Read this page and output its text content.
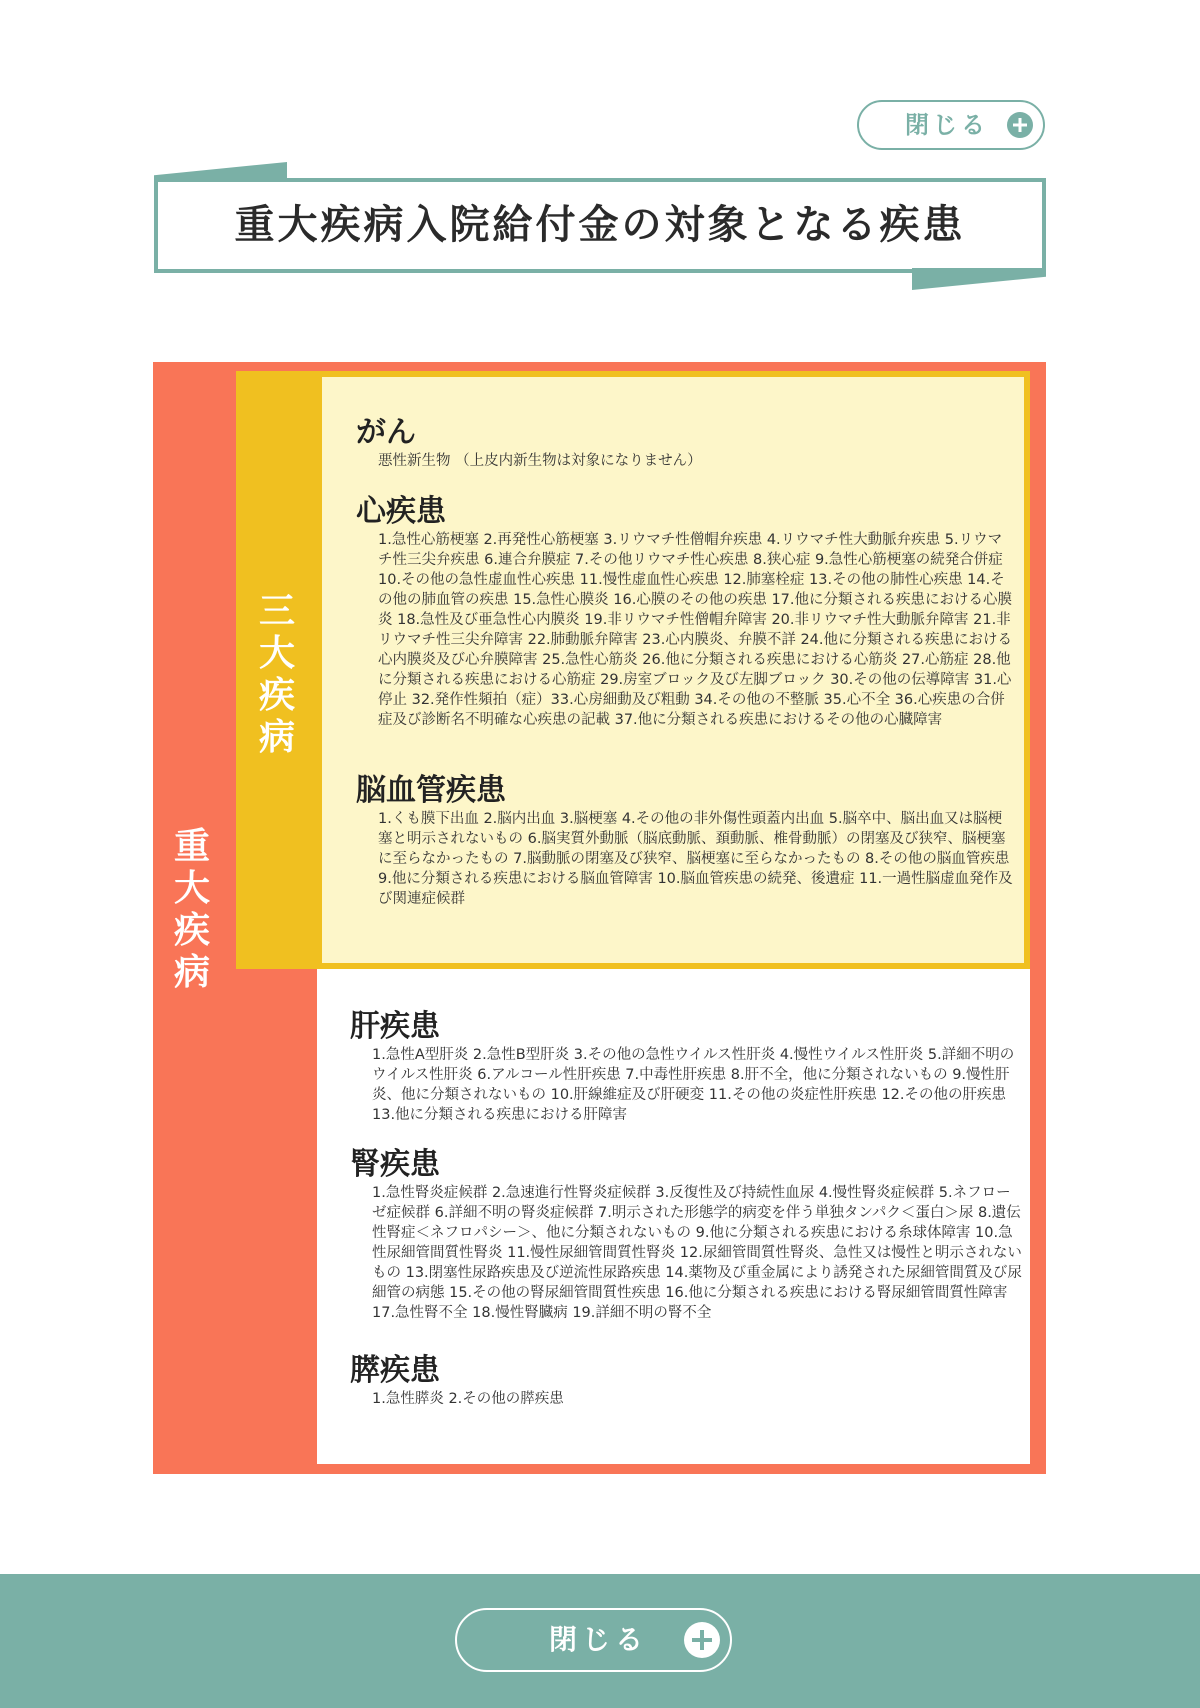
閉じる
重大疾病入院給付金の対象となる疾患
重大疾病
三大疾病
がん

悪性新生物 （上皮内新生物は対象になりません）

心疾患

1.急性心筋梗塞 2.再発性心筋梗塞 3.リウマチ性僧帽弁疾患 4.リウマチ性大動脈弁疾患 5.リウマチ性三尖弁疾患 6.連合弁膜症 7.その他リウマチ性心疾患 8.狭心症 9.急性心筋梗塞の続発合併症 10.その他の急性虚血性心疾患 11.慢性虚血性心疾患 12.肺塞栓症 13.その他の肺性心疾患 14.その他の肺血管の疾患 15.急性心膜炎 16.心膜のその他の疾患 17.他に分類される疾患における心膜炎 18.急性及び亜急性心内膜炎 19.非リウマチ性僧帽弁障害 20.非リウマチ性大動脈弁障害 21.非リウマチ性三尖弁障害 22.肺動脈弁障害 23.心内膜炎、弁膜不詳 24.他に分類される疾患における心内膜炎及び心弁膜障害 25.急性心筋炎 26.他に分類される疾患における心筋炎 27.心筋症 28.他に分類される疾患における心筋症 29.房室ブロック及び左脚ブロック 30.その他の伝導障害 31.心停止 32.発作性頻拍（症）33.心房細動及び粗動 34.その他の不整脈 35.心不全 36.心疾患の合併症及び診断名不明確な心疾患の記載 37.他に分類される疾患におけるその他の心臓障害

脳血管疾患

1.くも膜下出血 2.脳内出血 3.脳梗塞 4.その他の非外傷性頭蓋内出血 5.脳卒中、脳出血又は脳梗塞と明示されないもの 6.脳実質外動脈（脳底動脈、頚動脈、椎骨動脈）の閉塞及び狭窄、脳梗塞に至らなかったもの 7.脳動脈の閉塞及び狭窄、脳梗塞に至らなかったもの 8.その他の脳血管疾患 9.他に分類される疾患における脳血管障害 10.脳血管疾患の続発、後遺症 11.一過性脳虚血発作及び関連症候群

肝疾患

1.急性A型肝炎 2.急性B型肝炎 3.その他の急性ウイルス性肝炎 4.慢性ウイルス性肝炎 5.詳細不明のウイルス性肝炎 6.アルコール性肝疾患 7.中毒性肝疾患 8.肝不全，他に分類されないもの 9.慢性肝炎、他に分類されないもの 10.肝線維症及び肝硬変 11.その他の炎症性肝疾患 12.その他の肝疾患 13.他に分類される疾患における肝障害

腎疾患

1.急性腎炎症候群 2.急速進行性腎炎症候群 3.反復性及び持続性血尿 4.慢性腎炎症候群 5.ネフローゼ症候群 6.詳細不明の腎炎症候群 7.明示された形態学的病変を伴う単独タンパク＜蛋白＞尿 8.遺伝性腎症＜ネフロパシー＞、他に分類されないもの 9.他に分類される疾患における糸球体障害 10.急性尿細管間質性腎炎 11.慢性尿細管間質性腎炎 12.尿細管間質性腎炎、急性又は慢性と明示されないもの 13.閉塞性尿路疾患及び逆流性尿路疾患 14.薬物及び重金属により誘発された尿細管間質及び尿細管の病態 15.その他の腎尿細管間質性疾患 16.他に分類される疾患における腎尿細管間質性障害 17.急性腎不全 18.慢性腎臓病 19.詳細不明の腎不全

膵疾患

1.急性膵炎 2.その他の膵疾患

閉じる
